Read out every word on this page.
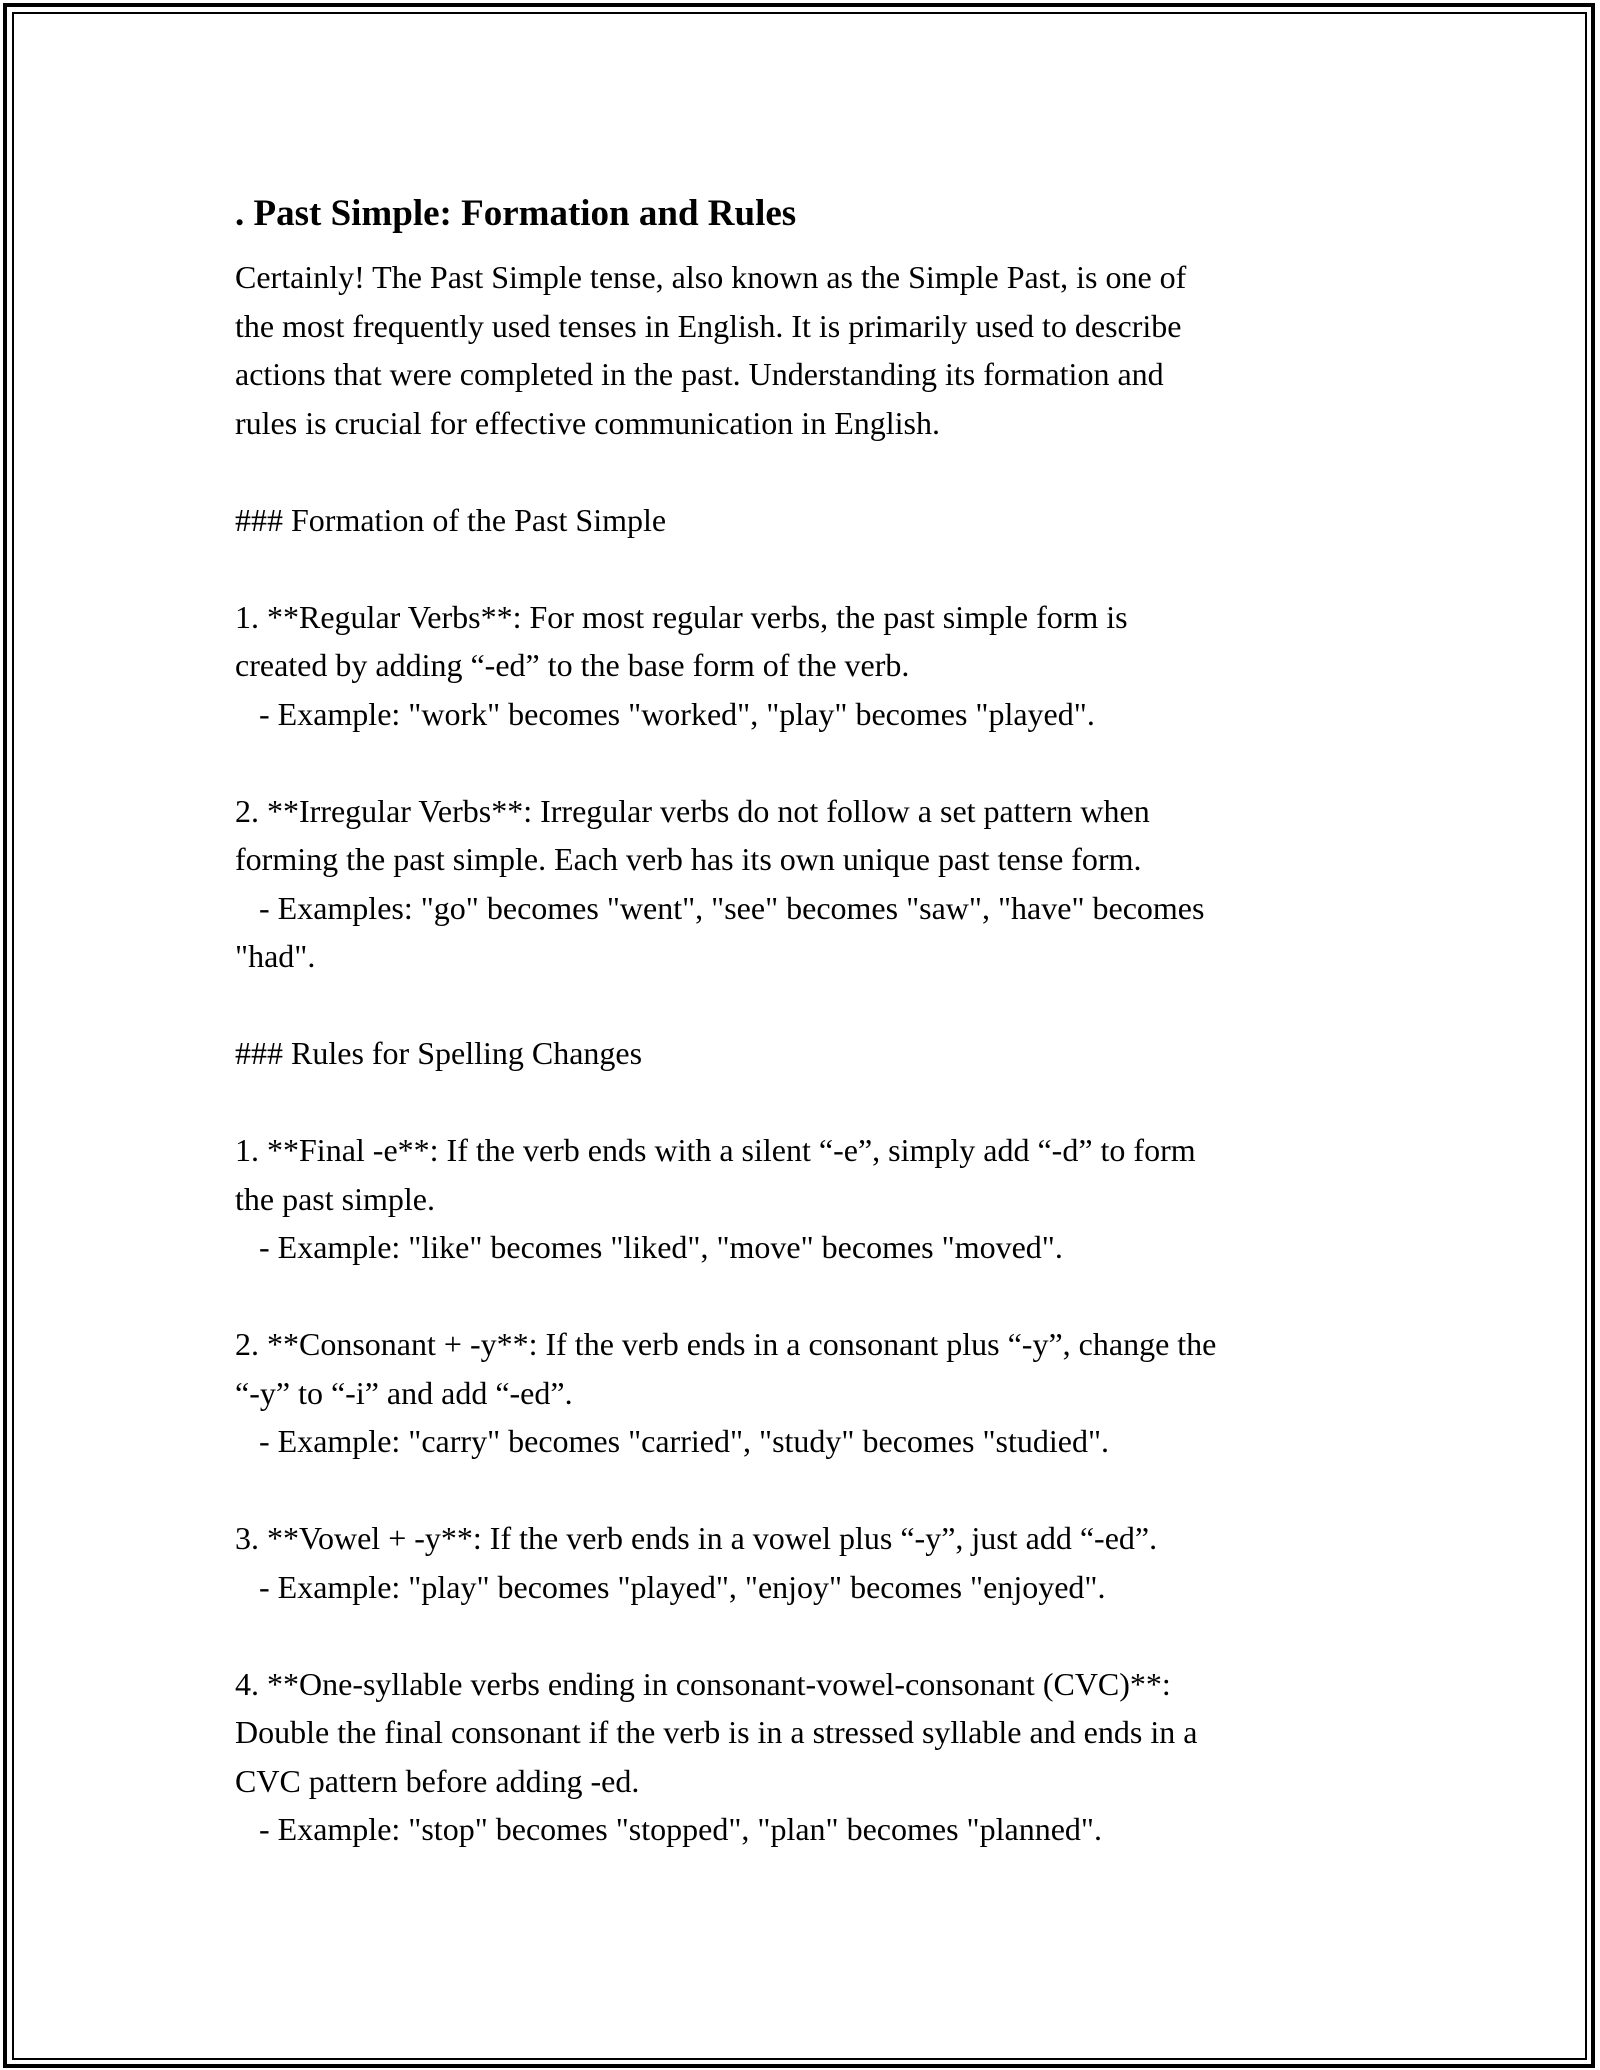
. Past Simple: Formation and Rules
Certainly! The Past Simple tense, also known as the Simple Past, is one of
the most frequently used tenses in English. It is primarily used to describe
actions that were completed in the past. Understanding its formation and
rules is crucial for effective communication in English.
### Formation of the Past Simple
1. **Regular Verbs**: For most regular verbs, the past simple form is
created by adding “-ed” to the base form of the verb.
- Example: "work" becomes "worked", "play" becomes "played".
2. **Irregular Verbs**: Irregular verbs do not follow a set pattern when
forming the past simple. Each verb has its own unique past tense form.
- Examples: "go" becomes "went", "see" becomes "saw", "have" becomes
"had".
### Rules for Spelling Changes
1. **Final -e**: If the verb ends with a silent “-e”, simply add “-d” to form
the past simple.
- Example: "like" becomes "liked", "move" becomes "moved".
2. **Consonant + -y**: If the verb ends in a consonant plus “-y”, change the
“-y” to “-i” and add “-ed”.
- Example: "carry" becomes "carried", "study" becomes "studied".
3. **Vowel + -y**: If the verb ends in a vowel plus “-y”, just add “-ed”.
- Example: "play" becomes "played", "enjoy" becomes "enjoyed".
4. **One-syllable verbs ending in consonant-vowel-consonant (CVC)**:
Double the final consonant if the verb is in a stressed syllable and ends in a
CVC pattern before adding -ed.
- Example: "stop" becomes "stopped", "plan" becomes "planned".
